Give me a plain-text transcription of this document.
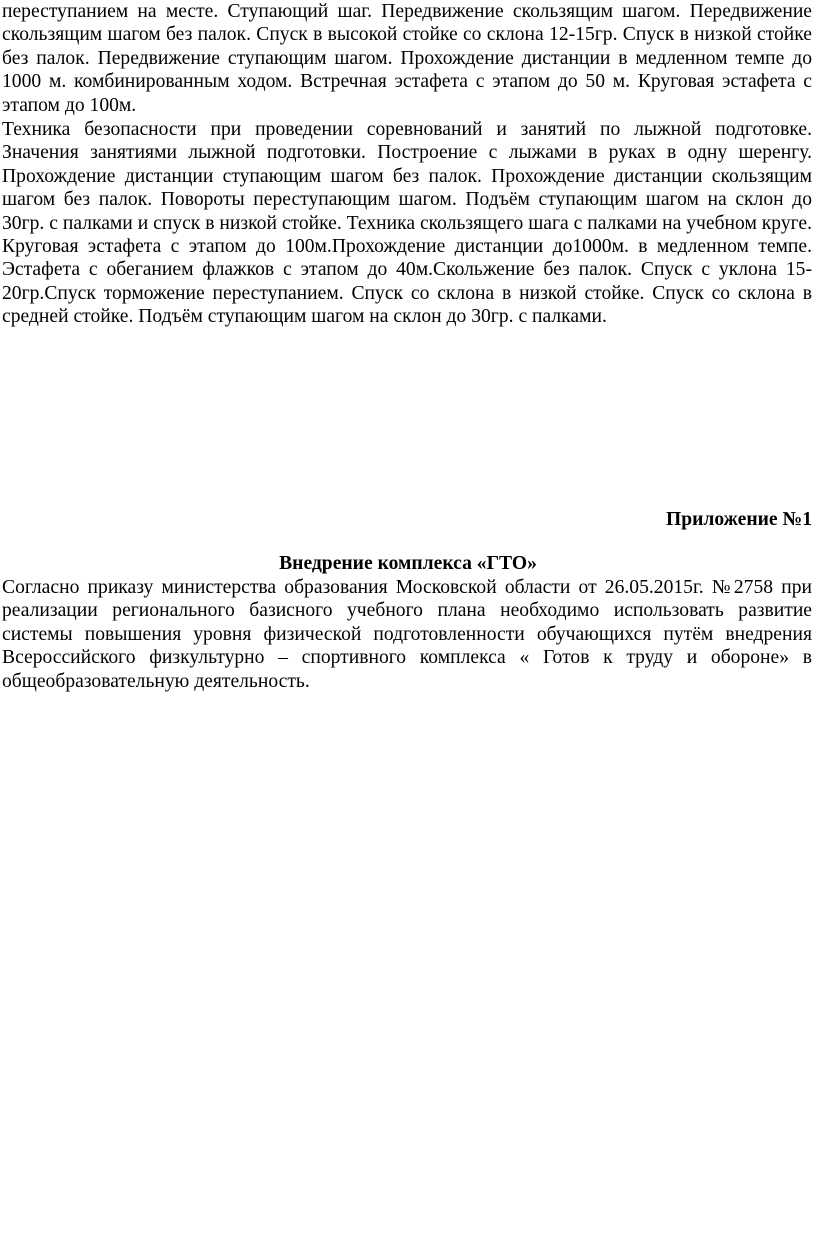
переступанием на месте. Ступающий шаг. Передвижение скользящим шагом. Передвижение скользящим шагом без палок. Спуск в высокой стойке со склона 12-15гр. Спуск в низкой стойке без палок. Передвижение ступающим шагом. Прохождение дистанции в медленном темпе до 1000 м. комбинированным ходом. Встречная эстафета с этапом до 50 м. Круговая эстафета с этапом до 100м.

Техника безопасности при проведении соревнований и занятий по лыжной подготовке. Значения занятиями лыжной подготовки. Построение с лыжами в руках в одну шеренгу. Прохождение дистанции ступающим шагом без палок. Прохождение дистанции скользящим шагом без палок. Повороты переступающим шагом. Подъём ступающим шагом на склон до 30гр. с палками и спуск в низкой стойке. Техника скользящего шага с палками на учебном круге. Круговая эстафета с этапом до 100м.Прохождение дистанции до1000м. в медленном темпе. Эстафета с обеганием флажков с этапом до 40м.Скольжение без палок. Спуск с уклона 15-20гр.Спуск торможение переступанием. Спуск со склона в низкой стойке. Спуск со склона в средней стойке. Подъём ступающим шагом на склон до 30гр. с палками.

Приложение №1

Внедрение комплекса «ГТО»

Согласно приказу министерства образования Московской области от 26.05.2015г. №2758 при реализации регионального базисного учебного плана необходимо использовать развитие системы повышения уровня физической подготовленности обучающихся путём внедрения Всероссийского физкультурно – спортивного комплекса « Готов к труду и обороне» в общеобразовательную деятельность.
